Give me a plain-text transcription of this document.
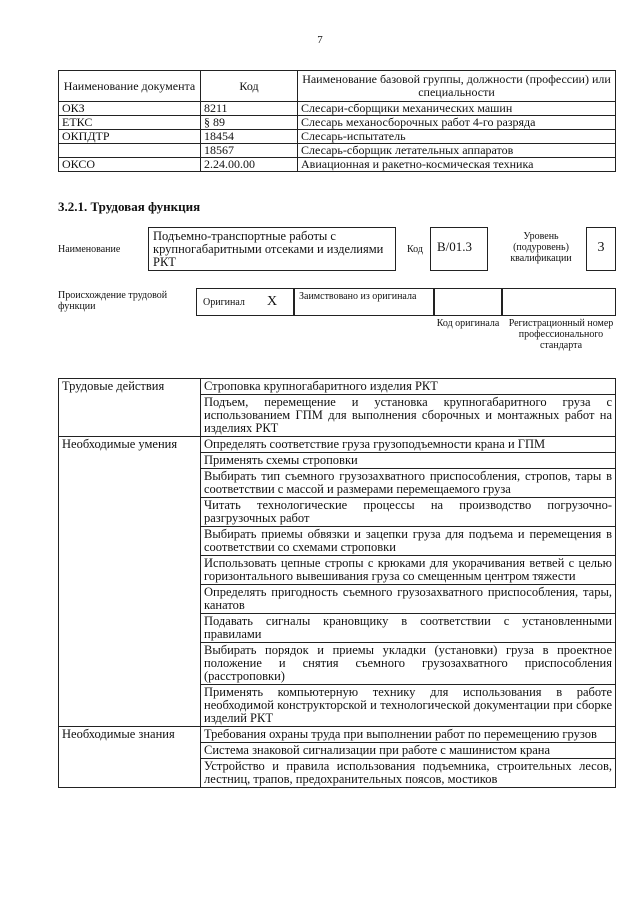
7
Наименование документа	Код	Наименование базовой группы, должности (профессии) или специальности
ОКЗ	8211	Слесари-сборщики механических машин
ЕТКС	§ 89	Слесарь механосборочных работ 4-го разряда
ОКПДТР	18454	Слесарь-испытатель
	18567	Слесарь-сборщик летательных аппаратов
ОКСО	2.24.00.00	Авиационная и ракетно-космическая техника
3.2.1. Трудовая функция
Наименование
Подъемно-транспортные работы с крупногабаритными отсеками и изделиями РКТ
Код	В/01.3
Уровень (подуровень) квалификации
3
Происхождение трудовой функции	Оригинал X Заимствовано из оригинала
Код оригинала Регистрационный номер профессионального стандарта
Трудовые действия	Строповка крупногабаритного изделия РКТ
	Подъем, перемещение и установка крупногабаритного груза с использованием ГПМ для выполнения сборочных и монтажных работ на изделиях РКТ
Необходимые умения	Определять соответствие груза грузоподъемности крана и ГПМ
	Применять схемы строповки
	Выбирать тип съемного грузозахватного приспособления, стропов, тары в соответствии с массой и размерами перемещаемого груза
	Читать технологические процессы на производство погрузочно-разгрузочных работ
	Выбирать приемы обвязки и зацепки груза для подъема и перемещения в соответствии со схемами строповки
	Использовать цепные стропы с крюками для укорачивания ветвей с целью горизонтального вывешивания груза со смещенным центром тяжести
	Определять пригодность съемного грузозахватного приспособления, тары, канатов
	Подавать сигналы крановщику в соответствии с установленными правилами
	Выбирать порядок и приемы укладки (установки) груза в проектное положение и снятия съемного грузозахватного приспособления (расстроповки)
	Применять компьютерную технику для использования в работе необходимой конструкторской и технологической документации при сборке изделий РКТ
Необходимые знания	Требования охраны труда при выполнении работ по перемещению грузов
	Система знаковой сигнализации при работе с машинистом крана
	Устройство и правила использования подъемника, строительных лесов, лестниц, трапов, предохранительных поясов, мостиков
